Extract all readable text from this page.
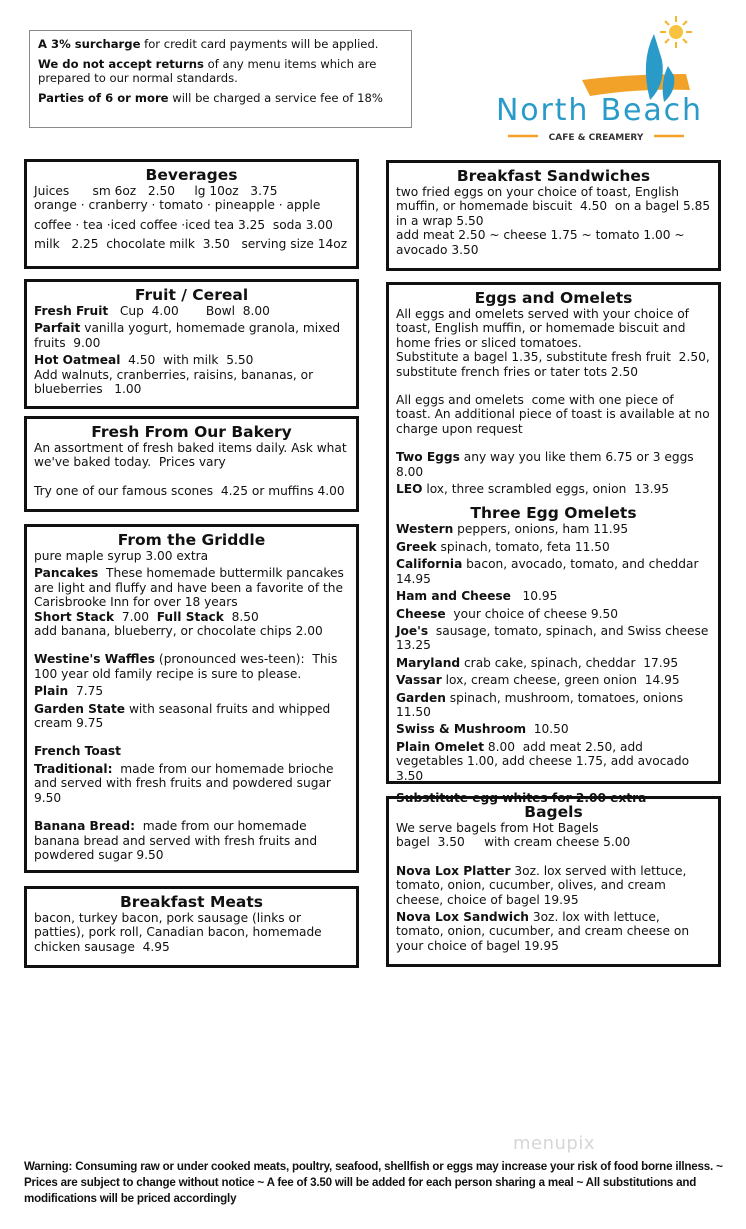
A 3% surcharge for credit card payments will be applied.

We do not accept returns of any menu items which are prepared to our normal standards.

Parties of 6 or more will be charged a service fee of 18%	North Beach
CAFE & CREAMERY
Beverages
Juices      sm 6oz   2.50     lg 10oz   3.75
orange · cranberry · tomato · pineapple · apple
coffee · tea ·iced coffee ·iced tea 3.25  soda 3.00
milk   2.25  chocolate milk  3.50   serving size 14oz
Fruit / Cereal
Fresh Fruit   Cup  4.00       Bowl  8.00
Parfait vanilla yogurt, homemade granola, mixed fruits  9.00
Hot Oatmeal  4.50  with milk  5.50
Add walnuts, cranberries, raisins, bananas, or blueberries   1.00
Fresh From Our Bakery
An assortment of fresh baked items daily. Ask what we've baked today.  Prices vary
Try one of our famous scones  4.25 or muffins 4.00
From the Griddle
pure maple syrup 3.00 extra
Pancakes  These homemade buttermilk pancakes are light and fluffy and have been a favorite of the Carisbrooke Inn for over 18 years
Short Stack  7.00  Full Stack  8.50
add banana, blueberry, or chocolate chips 2.00
Westine's Waffles (pronounced wes-teen):  This 100 year old family recipe is sure to please.
Plain  7.75
Garden State with seasonal fruits and whipped cream 9.75
French Toast
Traditional:  made from our homemade brioche and served with fresh fruits and powdered sugar  9.50
Banana Bread:  made from our homemade banana bread and served with fresh fruits and powdered sugar 9.50
Breakfast Meats
bacon, turkey bacon, pork sausage (links or patties), pork roll, Canadian bacon, homemade chicken sausage  4.95
Breakfast Sandwiches
two fried eggs on your choice of toast, English muffin, or homemade biscuit  4.50  on a bagel 5.85 in a wrap 5.50
add meat 2.50 ~ cheese 1.75 ~ tomato 1.00 ~ avocado 3.50
Eggs and Omelets
All eggs and omelets served with your choice of toast, English muffin, or homemade biscuit and home fries or sliced tomatoes.
Substitute a bagel 1.35, substitute fresh fruit  2.50, substitute french fries or tater tots 2.50
All eggs and omelets  come with one piece of toast. An additional piece of toast is available at no charge upon request
Two Eggs any way you like them 6.75 or 3 eggs 8.00
LEO lox, three scrambled eggs, onion  13.95
Three Egg Omelets
Western peppers, onions, ham 11.95
Greek spinach, tomato, feta 11.50
California bacon, avocado, tomato, and cheddar 14.95
Ham and Cheese   10.95
Cheese  your choice of cheese 9.50
Joe's  sausage, tomato, spinach, and Swiss cheese 13.25
Maryland crab cake, spinach, cheddar  17.95
Vassar lox, cream cheese, green onion  14.95
Garden spinach, mushroom, tomatoes, onions 11.50
Swiss & Mushroom  10.50
Plain Omelet 8.00  add meat 2.50, add vegetables 1.00, add cheese 1.75, add avocado 3.50
Substitute egg whites for 2.00 extra
Bagels
We serve bagels from Hot Bagels
bagel  3.50     with cream cheese 5.00
Nova Lox Platter 3oz. lox served with lettuce, tomato, onion, cucumber, olives, and cream cheese, choice of bagel 19.95
Nova Lox Sandwich 3oz. lox with lettuce, tomato, onion, cucumber, and cream cheese on your choice of bagel 19.95
menupix
Warning: Consuming raw or under cooked meats, poultry, seafood, shellfish or eggs may increase your risk of food borne illness. ~ Prices are subject to change without notice ~ A fee of 3.50 will be added for each person sharing a meal ~ All substitutions and modifications will be priced accordingly
